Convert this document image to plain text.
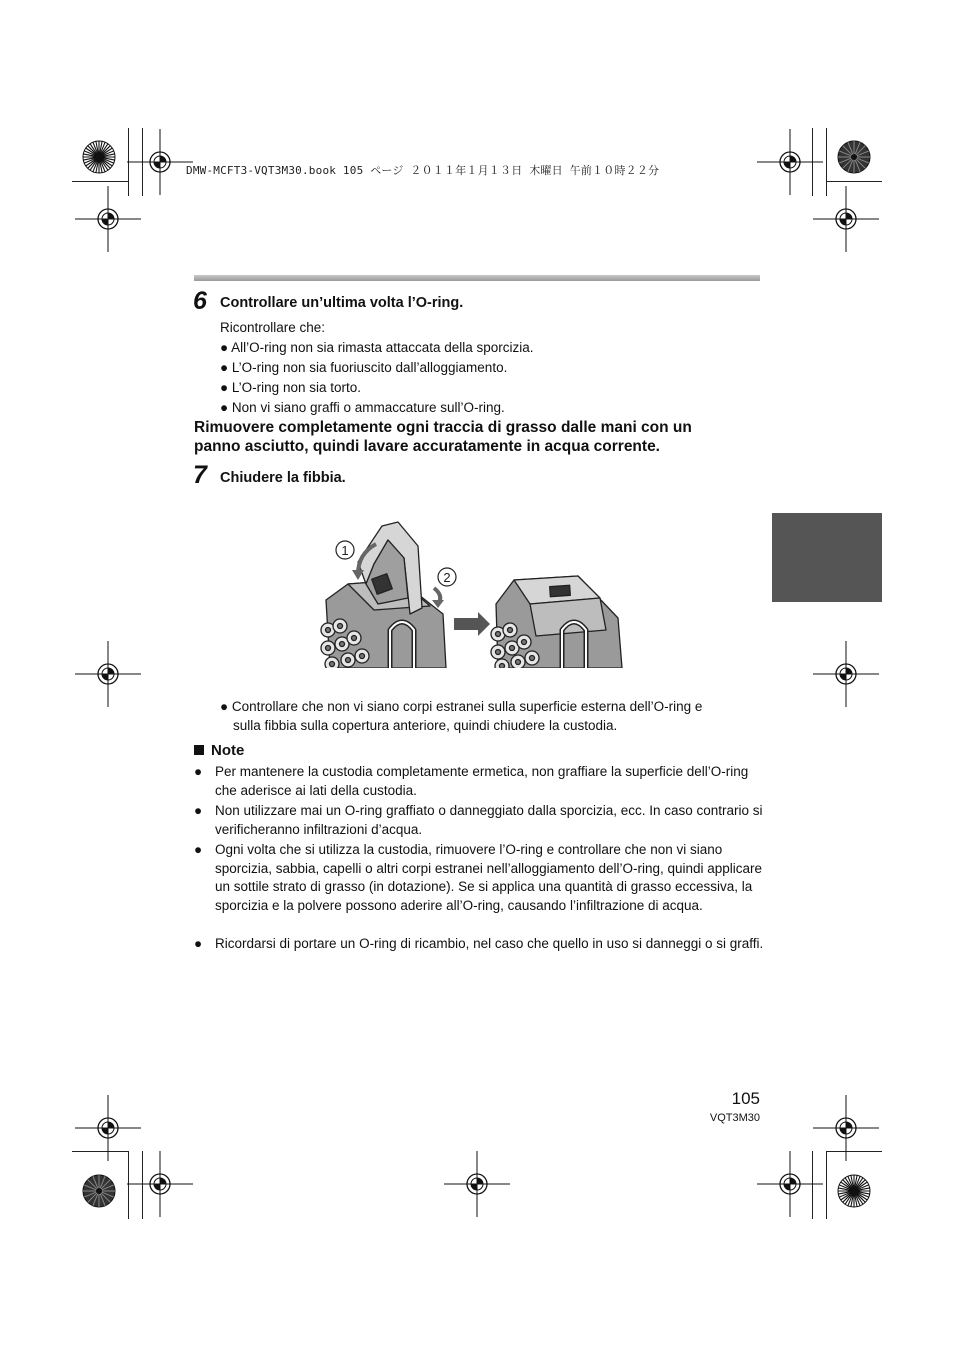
DMW-MCFT3-VQT3M30.book 105 ページ ２０１１年１月１３日 木曜日 午前１０時２２分
6 Controllare un’ultima volta l’O-ring.
Ricontrollare che:
● All’O-ring non sia rimasta attaccata della sporcizia.
● L’O-ring non sia fuoriuscito dall’alloggiamento.
● L’O-ring non sia torto.
● Non vi siano graffi o ammaccature sull’O-ring.
Rimuovere completamente ogni traccia di grasso dalle mani con un
panno asciutto, quindi lavare accuratamente in acqua corrente.
7 Chiudere la fibbia.
1
2
● Controllare che non vi siano corpi estranei sulla superficie esterna dell’O-ring e
sulla fibbia sulla copertura anteriore, quindi chiudere la custodia.
Note
● Per mantenere la custodia completamente ermetica, non graffiare la superficie dell’O-ring che aderisce ai lati della custodia.
● Non utilizzare mai un O-ring graffiato o danneggiato dalla sporcizia, ecc. In caso contrario si verificheranno infiltrazioni d’acqua.
● Ogni volta che si utilizza la custodia, rimuovere l’O-ring e controllare che non vi siano sporcizia, sabbia, capelli o altri corpi estranei nell’alloggiamento dell’O-ring, quindi applicare un sottile strato di grasso (in dotazione). Se si applica una quantità di grasso eccessiva, la sporcizia e la polvere possono aderire all’O-ring, causando l’infiltrazione di acqua.
● Ricordarsi di portare un O-ring di ricambio, nel caso che quello in uso si danneggi o si graffi.
105
VQT3M30
